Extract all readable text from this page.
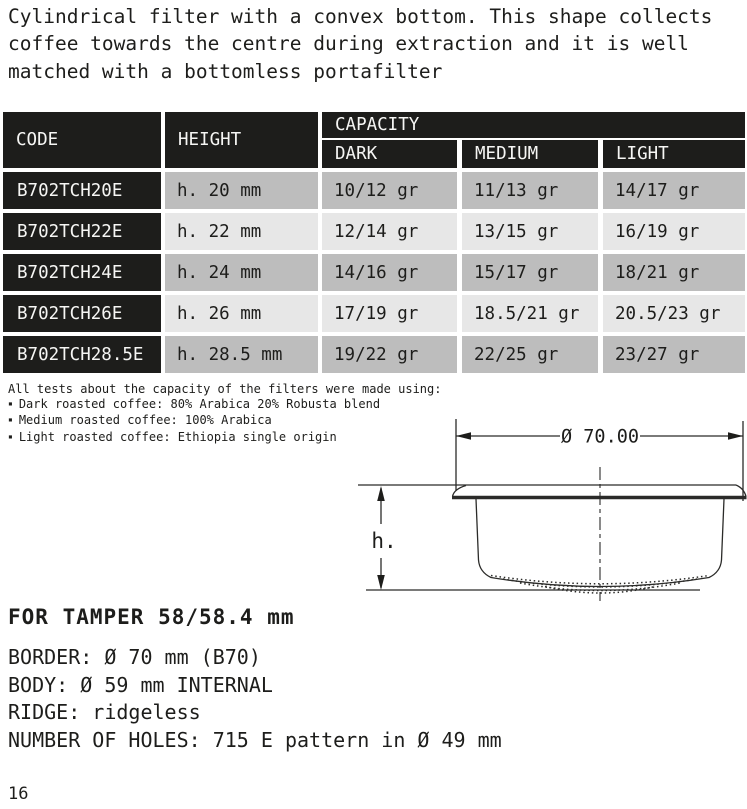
Cylindrical filter with a convex bottom. This shape collects coffee towards the centre during extraction and it is well matched with a bottomless portafilter

CODE	HEIGHT
CAPACITY
DARK	MEDIUM	LIGHT
B702TCH20E	h. 20 mm	10/12 gr	11/13 gr	14/17 gr
B702TCH22E	h. 22 mm	12/14 gr	13/15 gr	16/19 gr
B702TCH24E	h. 24 mm	14/16 gr	15/17 gr	18/21 gr
B702TCH26E	h. 26 mm	17/19 gr	18.5/21 gr	20.5/23 gr
B702TCH28.5E	h. 28.5 mm	19/22 gr	22/25 gr	23/27 gr
All tests about the capacity of the filters were made using:
▪ Dark roasted coffee: 80% Arabica 20% Robusta blend
▪ Medium roasted coffee: 100% Arabica
▪ Light roasted coffee: Ethiopia single origin	Ø 70.00
h.
FOR TAMPER 58/58.4 mm
BORDER: Ø 70 mm (B70)
BODY: Ø 59 mm INTERNAL
RIDGE: ridgeless
NUMBER OF HOLES: 715 E pattern in Ø 49 mm
16
